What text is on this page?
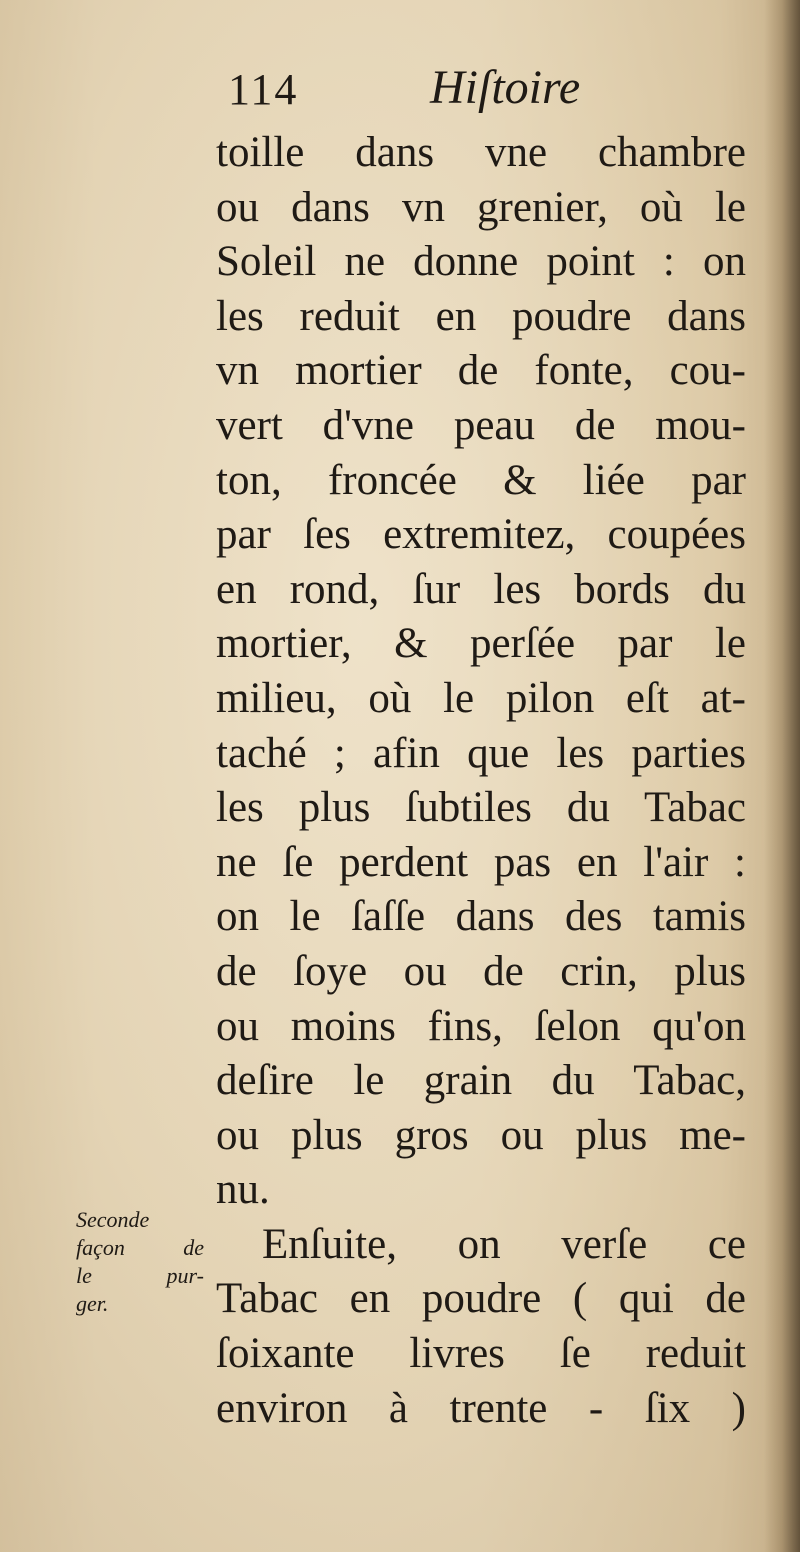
114	Hiſtoire
toille dans vne chambre
ou dans vn grenier, où le
Soleil ne donne point : on
les reduit en poudre dans
vn mortier de fonte, cou-
vert d'vne peau de mou-
ton, froncée & liée par
par ſes extremitez, coupées
en rond, ſur les bords du
mortier, & perſée par le
milieu, où le pilon eſt at-
taché ; afin que les parties
les plus ſubtiles du Tabac
ne ſe perdent pas en l'air :
on le ſaſſe dans des tamis
de ſoye ou de crin, plus
ou moins fins, ſelon qu'on
deſire le grain du Tabac,
ou plus gros ou plus me-
nu.
Enſuite, on verſe ce
Tabac en poudre ( qui de
ſoixante livres ſe reduit
environ à trente - ſix )
Seconde
façon de
le pur-
ger.
